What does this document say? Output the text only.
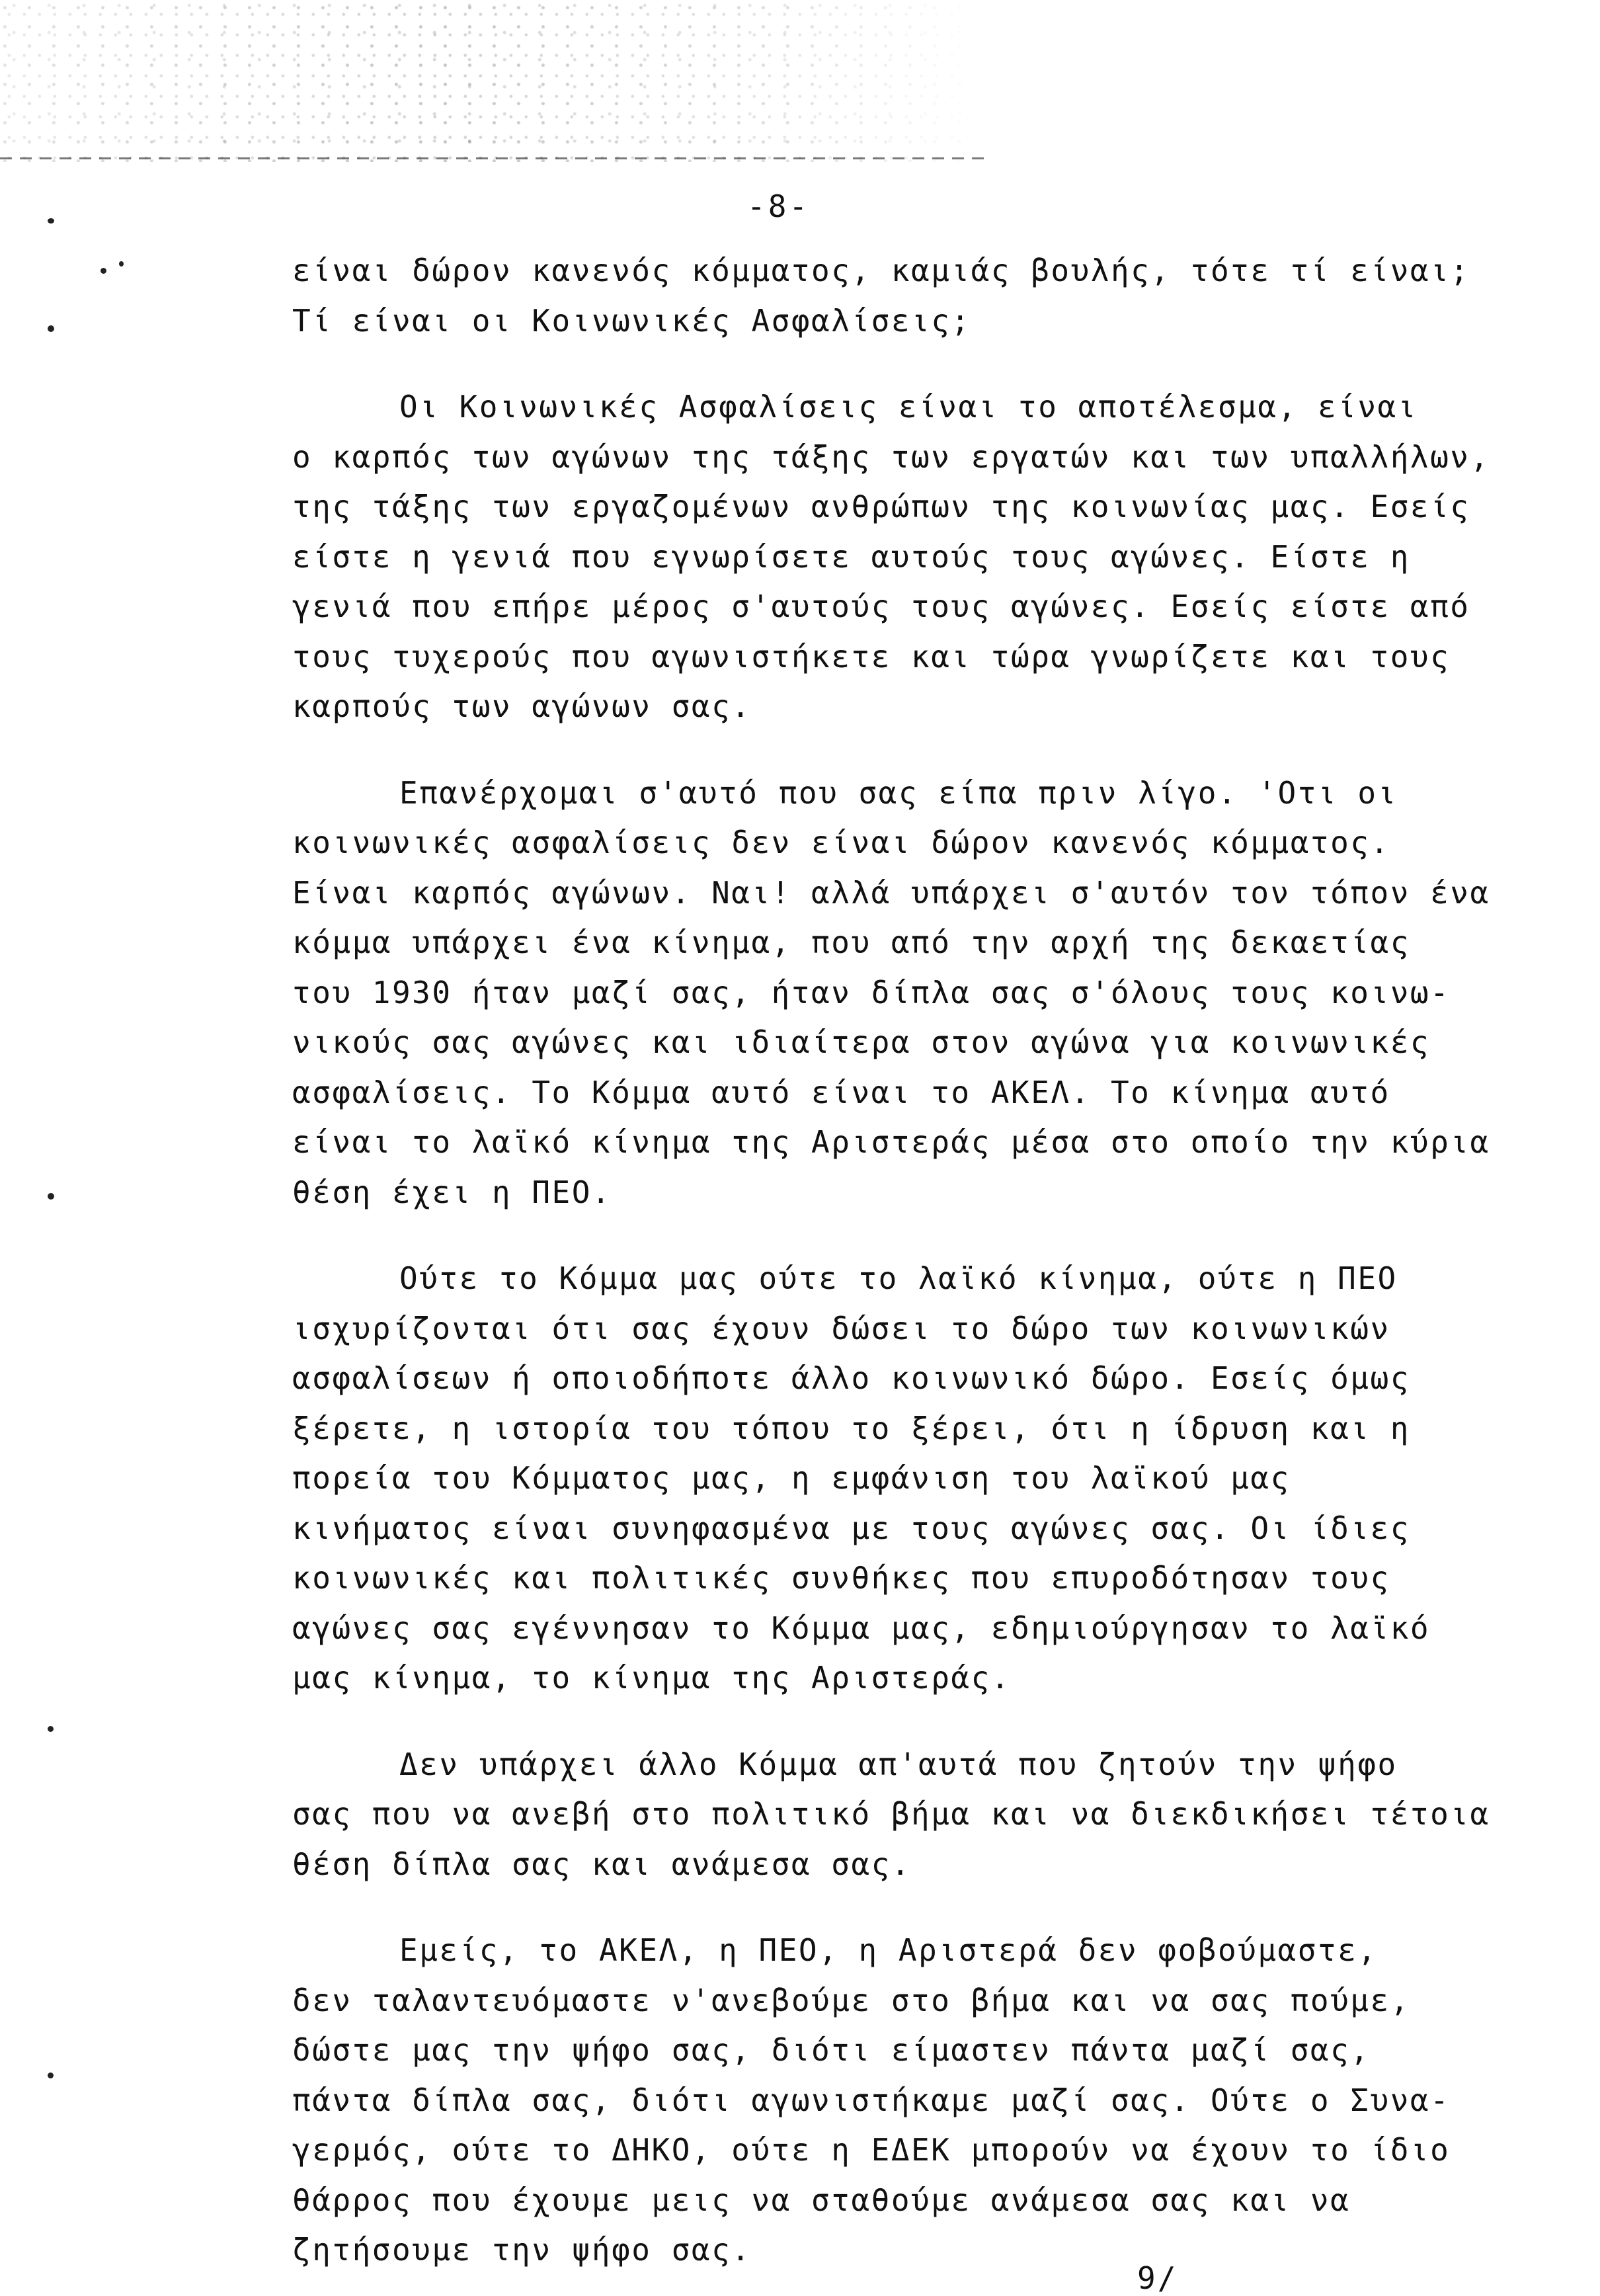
-8-
είναι δώρον κανενός κόμματος, καμιάς βουλής, τότε τί είναι;
Τί είναι οι Κοινωνικές Ασφαλίσεις;
Οι Κοινωνικές Ασφαλίσεις είναι το αποτέλεσμα, είναι
ο καρπός των αγώνων της τάξης των εργατών και των υπαλλήλων,
της τάξης των εργαζομένων ανθρώπων της κοινωνίας μας. Εσείς
είστε η γενιά που εγνωρίσετε αυτούς τους αγώνες. Είστε η
γενιά που επήρε μέρος σ'αυτούς τους αγώνες. Εσείς είστε από
τους τυχερούς που αγωνιστήκετε και τώρα γνωρίζετε και τους
καρπούς των αγώνων σας.
Επανέρχομαι σ'αυτό που σας είπα πριν λίγο. 'Οτι οι
κοινωνικές ασφαλίσεις δεν είναι δώρον κανενός κόμματος.
Είναι καρπός αγώνων. Ναι! αλλά υπάρχει σ'αυτόν τον τόπον ένα
κόμμα υπάρχει ένα κίνημα, που από την αρχή της δεκαετίας
του 1930 ήταν μαζί σας, ήταν δίπλα σας σ'όλους τους κοινω-
νικούς σας αγώνες και ιδιαίτερα στον αγώνα για κοινωνικές
ασφαλίσεις. Το Κόμμα αυτό είναι το ΑΚΕΛ. Το κίνημα αυτό
είναι το λαϊκό κίνημα της Αριστεράς μέσα στο οποίο την κύρια
θέση έχει η ΠΕΟ.
Ούτε το Κόμμα μας ούτε το λαϊκό κίνημα, ούτε η ΠΕΟ
ισχυρίζονται ότι σας έχουν δώσει το δώρο των κοινωνικών
ασφαλίσεων ή οποιοδήποτε άλλο κοινωνικό δώρο. Εσείς όμως
ξέρετε, η ιστορία του τόπου το ξέρει, ότι η ίδρυση και η
πορεία του Κόμματος μας, η εμφάνιση του λαϊκού μας
κινήματος είναι συνηφασμένα με τους αγώνες σας. Οι ίδιες
κοινωνικές και πολιτικές συνθήκες που επυροδότησαν τους
αγώνες σας εγέννησαν το Κόμμα μας, εδημιούργησαν το λαϊκό
μας κίνημα, το κίνημα της Αριστεράς.
Δεν υπάρχει άλλο Κόμμα απ'αυτά που ζητούν την ψήφο
σας που να ανεβή στο πολιτικό βήμα και να διεκδικήσει τέτοια
θέση δίπλα σας και ανάμεσα σας.
Εμείς, το ΑΚΕΛ, η ΠΕΟ, η Αριστερά δεν φοβούμαστε,
δεν ταλαντευόμαστε ν'ανεβούμε στο βήμα και να σας πούμε,
δώστε μας την ψήφο σας, διότι είμαστεν πάντα μαζί σας,
πάντα δίπλα σας, διότι αγωνιστήκαμε μαζί σας. Ούτε ο Συνα-
γερμός, ούτε το ΔΗΚΟ, ούτε η ΕΔΕΚ μπορούν να έχουν το ίδιο
θάρρος που έχουμε μεις να σταθούμε ανάμεσα σας και να
ζητήσουμε την ψήφο σας.
9/
